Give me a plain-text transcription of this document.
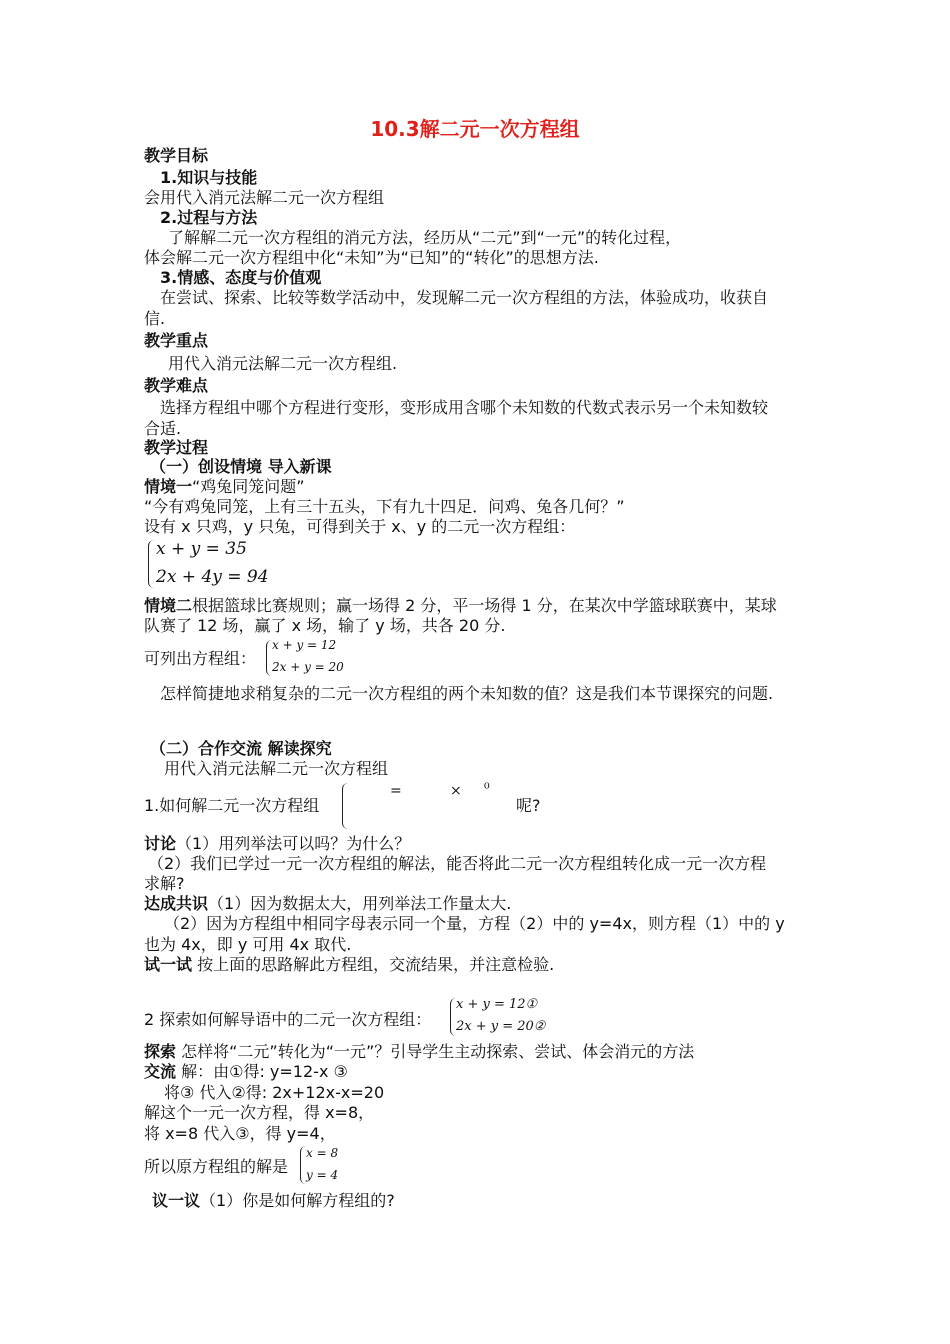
10.3解二元一次方程组
教学目标
1.知识与技能
会用代入消元法解二元一次方程组
2.过程与方法
了解解二元一次方程组的消元方法，经历从“二元”到“一元”的转化过程，
体会解二元一次方程组中化“未知”为“已知”的“转化”的思想方法.
3.情感、态度与价值观
在尝试、探索、比较等数学活动中，发现解二元一次方程组的方法，体验成功，收获自
信.
教学重点
用代入消元法解二元一次方程组.
教学难点
选择方程组中哪个方程进行变形，变形成用含哪个未知数的代数式表示另一个未知数较
合适.
教学过程
（一）创设情境 导入新课
情境一“鸡兔同笼问题”
“今有鸡兔同笼，上有三十五头，下有九十四足．问鸡、兔各几何？”
设有 x 只鸡，y 只兔，可得到关于 x、y 的二元一次方程组：
x + y = 35
2x + 4y = 94
情境二根据篮球比赛规则；赢一场得 2 分，平一场得 1 分，在某次中学篮球联赛中，某球
队赛了 12 场，赢了 x 场，输了 y 场，共各 20 分.
可列出方程组：
x + y = 12
2x + y = 20
怎样简捷地求稍复杂的二元一次方程组的两个未知数的值？这是我们本节课探究的问题.
（二）合作交流 解读探究
用代入消元法解二元一次方程组
1.如何解二元一次方程组
=	× ⁰
呢?
讨论（1）用列举法可以吗？为什么？
（2）我们已学过一元一次方程组的解法，能否将此二元一次方程组转化成一元一次方程
求解?
达成共识（1）因为数据太大，用列举法工作量太大.
（2）因为方程组中相同字母表示同一个量，方程（2）中的 y=4x，则方程（1）中的 y
也为 4x，即 y 可用 4x 取代.
试一试 按上面的思路解此方程组，交流结果，并注意检验.
2 探索如何解导语中的二元一次方程组：
x + y = 12①
2x + y = 20②
探索 怎样将“二元”转化为“一元”？引导学生主动探索、尝试、体会消元的方法
交流 解：由①得: y=12-x ③
将③ 代入②得: 2x+12x-x=20
解这个一元一次方程，得 x=8，
将 x=8 代入③，得 y=4，
所以原方程组的解是
x = 8
y = 4
议一议（1）你是如何解方程组的?
